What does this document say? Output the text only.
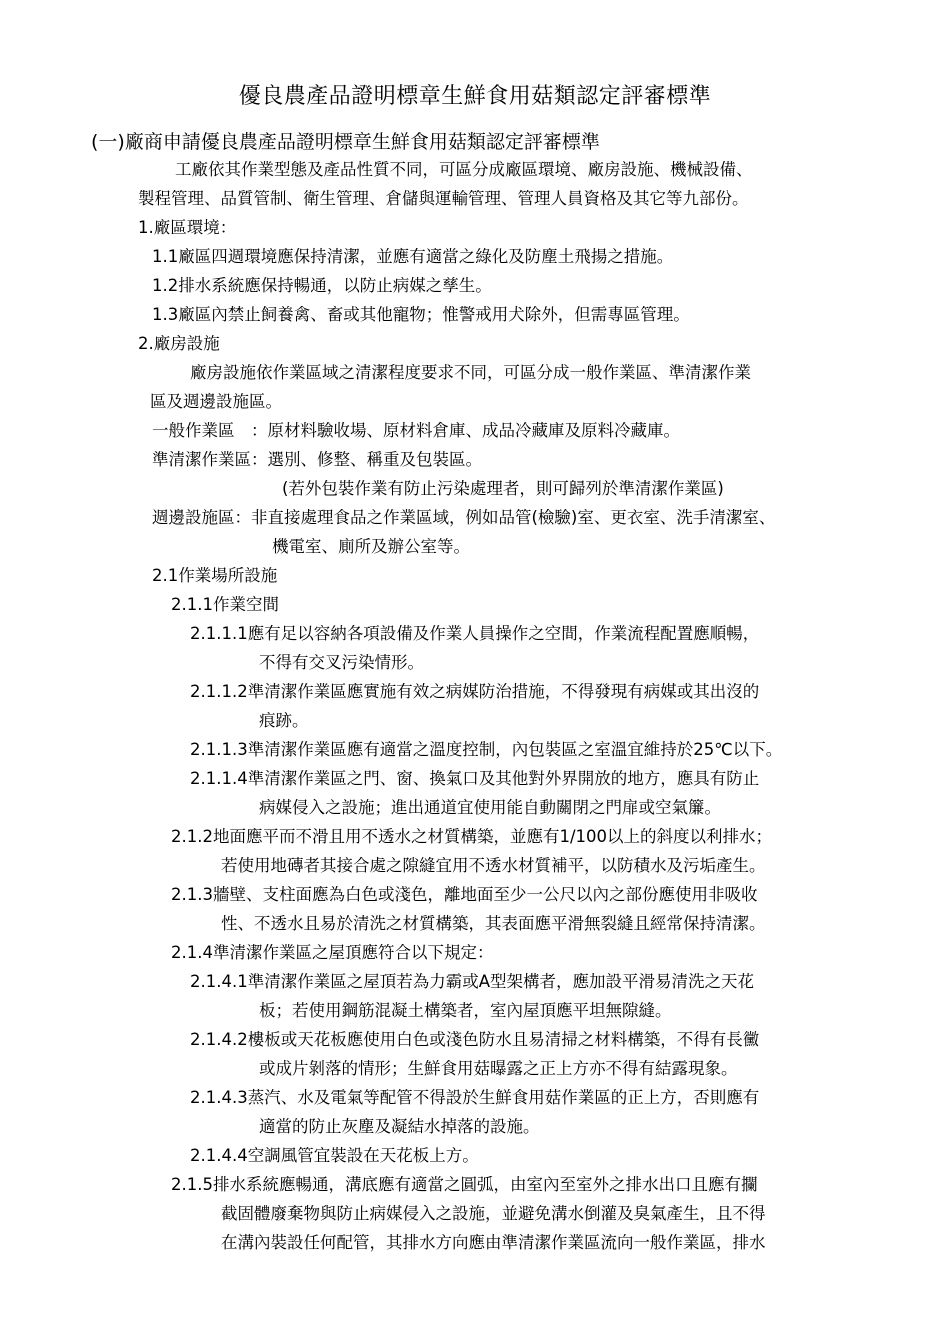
優良農產品證明標章生鮮食用菇類認定評審標準
(一)廠商申請優良農產品證明標章生鮮食用菇類認定評審標準
工廠依其作業型態及產品性質不同，可區分成廠區環境、廠房設施、機械設備、
製程管理、品質管制、衛生管理、倉儲與運輸管理、管理人員資格及其它等九部份。
1.廠區環境：
1.1廠區四週環境應保持清潔，並應有適當之綠化及防塵土飛揚之措施。
1.2排水系統應保持暢通，以防止病媒之孳生。
1.3廠區內禁止飼養禽、畜或其他寵物；惟警戒用犬除外，但需專區管理。
2.廠房設施
廠房設施依作業區域之清潔程度要求不同，可區分成一般作業區、準清潔作業
區及週邊設施區。
一般作業區　：原材料驗收場、原材料倉庫、成品冷藏庫及原料冷藏庫。
準清潔作業區：選別、修整、稱重及包裝區。
(若外包裝作業有防止污染處理者，則可歸列於準清潔作業區)
週邊設施區：非直接處理食品之作業區域，例如品管(檢驗)室、更衣室、洗手清潔室、
機電室、廁所及辦公室等。
2.1作業場所設施
2.1.1作業空間
2.1.1.1應有足以容納各項設備及作業人員操作之空間，作業流程配置應順暢，
不得有交叉污染情形。
2.1.1.2準清潔作業區應實施有效之病媒防治措施，不得發現有病媒或其出沒的
痕跡。
2.1.1.3準清潔作業區應有適當之溫度控制，內包裝區之室溫宜維持於25℃以下。
2.1.1.4準清潔作業區之門、窗、換氣口及其他對外界開放的地方，應具有防止
病媒侵入之設施；進出通道宜使用能自動關閉之門扉或空氣簾。
2.1.2地面應平而不滑且用不透水之材質構築，並應有1/100以上的斜度以利排水；
若使用地磚者其接合處之隙縫宜用不透水材質補平，以防積水及污垢產生。
2.1.3牆壁、支柱面應為白色或淺色，離地面至少一公尺以內之部份應使用非吸收
性、不透水且易於清洗之材質構築，其表面應平滑無裂縫且經常保持清潔。
2.1.4準清潔作業區之屋頂應符合以下規定：
2.1.4.1準清潔作業區之屋頂若為力霸或A型架構者，應加設平滑易清洗之天花
板；若使用鋼筋混凝土構築者，室內屋頂應平坦無隙縫。
2.1.4.2樓板或天花板應使用白色或淺色防水且易清掃之材料構築，不得有長黴
或成片剝落的情形；生鮮食用菇曝露之正上方亦不得有結露現象。
2.1.4.3蒸汽、水及電氣等配管不得設於生鮮食用菇作業區的正上方，否則應有
適當的防止灰塵及凝結水掉落的設施。
2.1.4.4空調風管宜裝設在天花板上方。
2.1.5排水系統應暢通，溝底應有適當之圓弧，由室內至室外之排水出口且應有攔
截固體廢棄物與防止病媒侵入之設施，並避免溝水倒灌及臭氣產生，且不得
在溝內裝設任何配管，其排水方向應由準清潔作業區流向一般作業區，排水
